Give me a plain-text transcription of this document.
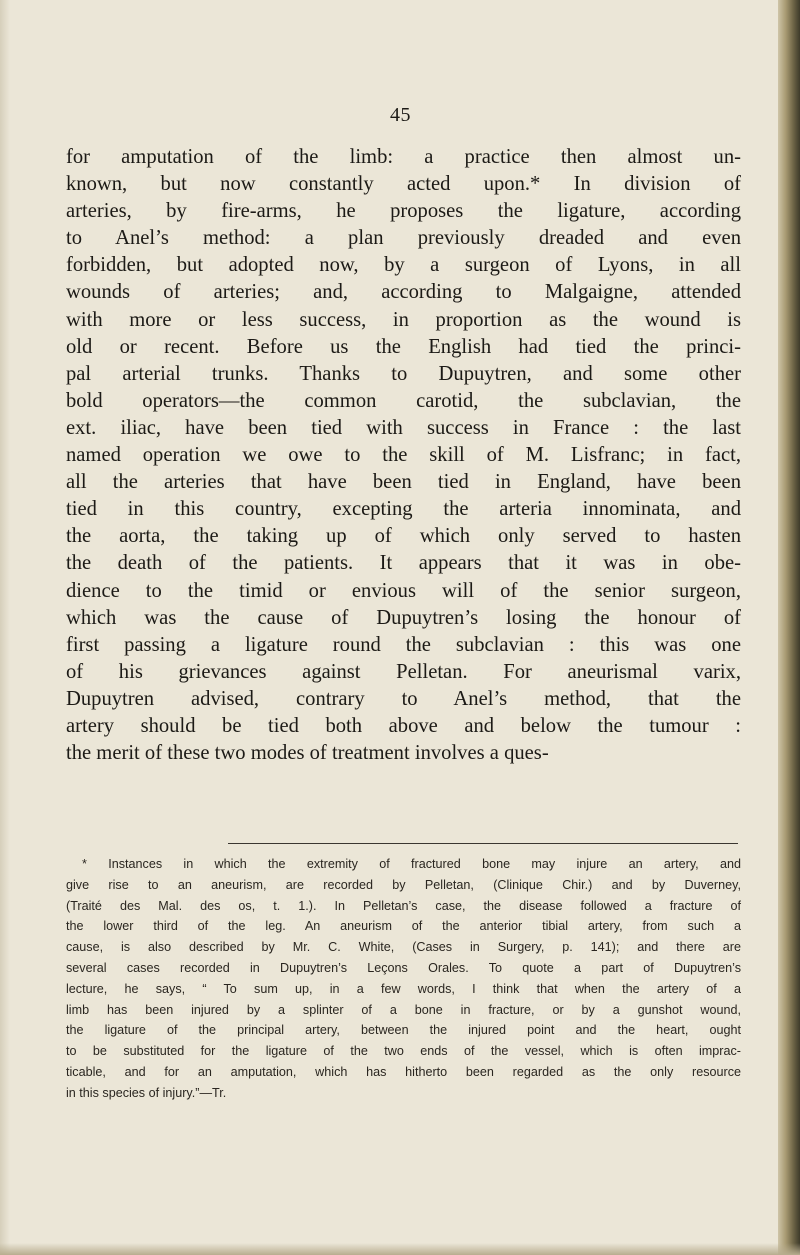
45
for amputation of the limb: a practice then almost un-
known, but now constantly acted upon.* In division of
arteries, by fire-arms, he proposes the ligature, according
to Anel’s method: a plan previously dreaded and even
forbidden, but adopted now, by a surgeon of Lyons, in all
wounds of arteries; and, according to Malgaigne, attended
with more or less success, in proportion as the wound is
old or recent. Before us the English had tied the princi-
pal arterial trunks. Thanks to Dupuytren, and some other
bold operators—the common carotid, the subclavian, the
ext. iliac, have been tied with success in France : the last
named operation we owe to the skill of M. Lisfranc; in fact,
all the arteries that have been tied in England, have been
tied in this country, excepting the arteria innominata, and
the aorta, the taking up of which only served to hasten
the death of the patients. It appears that it was in obe-
dience to the timid or envious will of the senior surgeon,
which was the cause of Dupuytren’s losing the honour of
first passing a ligature round the subclavian : this was one
of his grievances against Pelletan. For aneurismal varix,
Dupuytren advised, contrary to Anel’s method, that the
artery should be tied both above and below the tumour :
the merit of these two modes of treatment involves a ques-
* Instances in which the extremity of fractured bone may injure an artery, and
give rise to an aneurism, are recorded by Pelletan, (Clinique Chir.) and by Duverney,
(Traité des Mal. des os, t. 1.). In Pelletan’s case, the disease followed a fracture of
the lower third of the leg. An aneurism of the anterior tibial artery, from such a
cause, is also described by Mr. C. White, (Cases in Surgery, p. 141); and there are
several cases recorded in Dupuytren’s Leçons Orales. To quote a part of Dupuytren’s
lecture, he says, “ To sum up, in a few words, I think that when the artery of a
limb has been injured by a splinter of a bone in fracture, or by a gunshot wound,
the ligature of the principal artery, between the injured point and the heart, ought
to be substituted for the ligature of the two ends of the vessel, which is often imprac-
ticable, and for an amputation, which has hitherto been regarded as the only resource
in this species of injury.”—Tr.
